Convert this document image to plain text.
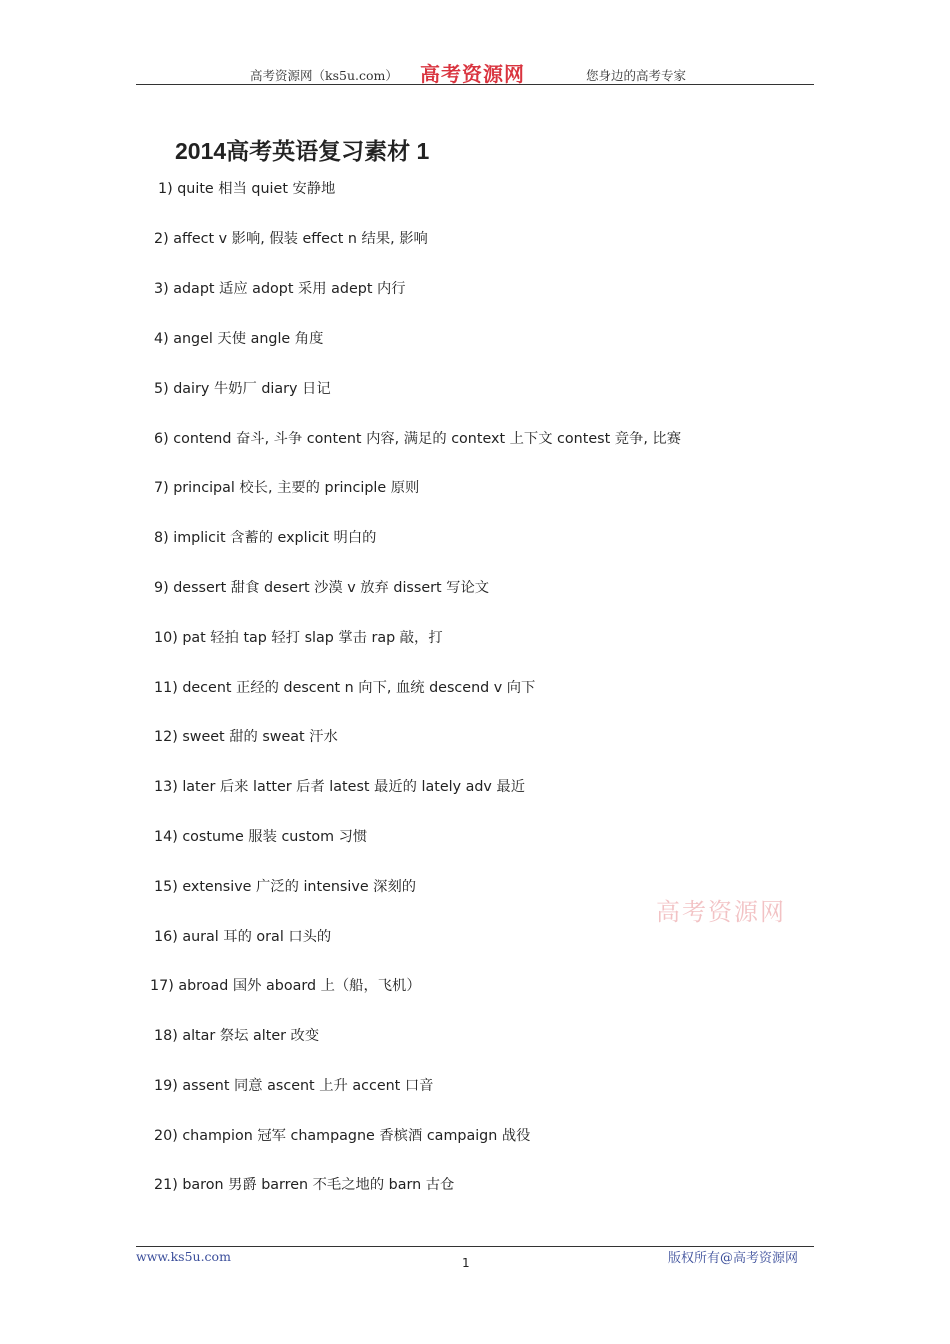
高考资源网（ks5u.com） 高考资源网	您身边的高考专家
2014高考英语复习素材 1
1) quite 相当 quiet 安静地
2) affect v 影响, 假装 effect n 结果, 影响
3) adapt 适应 adopt 采用 adept 内行
4) angel 天使 angle 角度
5) dairy 牛奶厂 diary 日记
6) contend 奋斗, 斗争 content 内容, 满足的 context 上下文 contest 竞争, 比赛
7) principal 校长, 主要的 principle 原则
8) implicit 含蓄的 explicit 明白的
9) dessert 甜食 desert 沙漠 v 放弃 dissert 写论文
10) pat 轻拍 tap 轻打 slap 掌击 rap 敲，打
11) decent 正经的 descent n 向下, 血统 descend v 向下
12) sweet 甜的 sweat 汗水
13) later 后来 latter 后者 latest 最近的 lately adv 最近
14) costume 服装 custom 习惯
15) extensive 广泛的 intensive 深刻的
16) aural 耳的 oral 口头的
17) abroad 国外 aboard 上（船，飞机）
18) altar 祭坛 alter 改变
19) assent 同意 ascent 上升 accent 口音
20) champion 冠军 champagne 香槟酒 campaign 战役
21) baron 男爵 barren 不毛之地的 barn 古仓
高考资源网
www.ks5u.com	1	版权所有@高考资源网
